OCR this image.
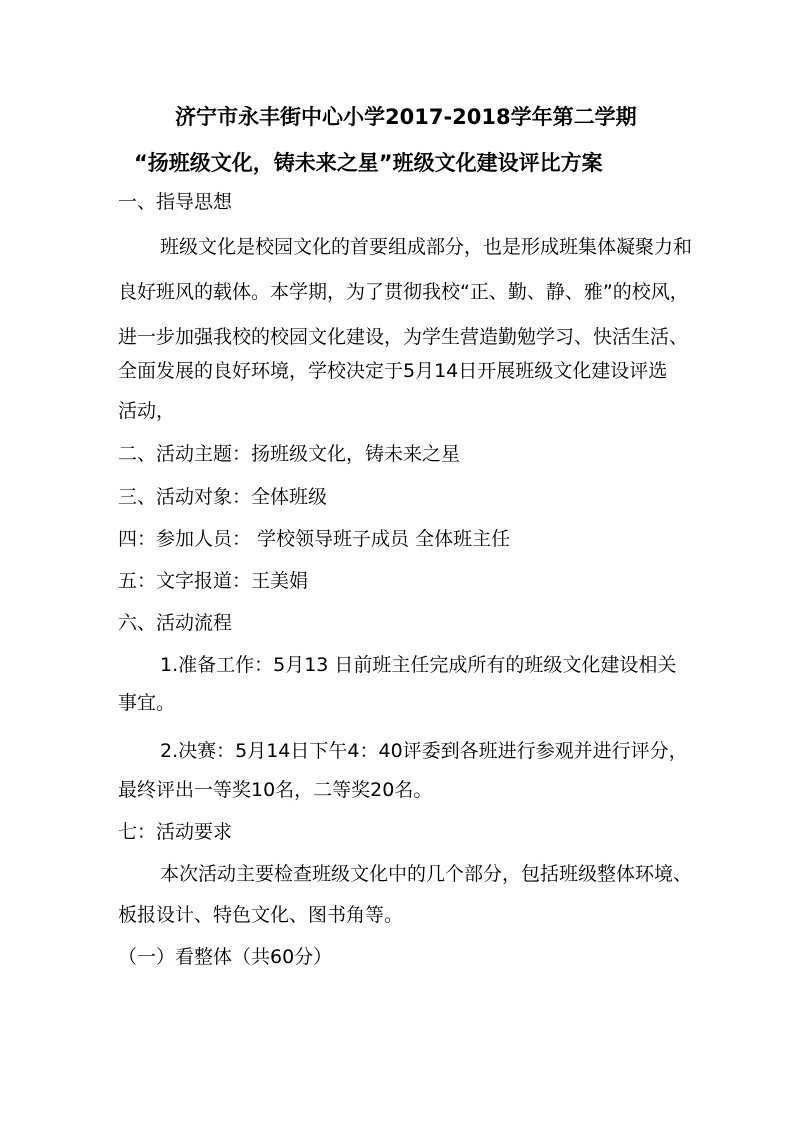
济宁市永丰街中心小学2017-2018学年第二学期
“扬班级文化，铸未来之星”班级文化建设评比方案
一、指导思想
班级文化是校园文化的首要组成部分，也是形成班集体凝聚力和
良好班风的载体。本学期，为了贯彻我校“正、勤、静、雅”的校风，
进一步加强我校的校园文化建设，为学生营造勤勉学习、快活生活、
全面发展的良好环境，学校决定于5月14日开展班级文化建设评选
活动，
二、活动主题：扬班级文化，铸未来之星
三、活动对象：全体班级
四：参加人员： 学校领导班子成员 全体班主任
五：文字报道：王美娟
六、活动流程
1.准备工作：5月13 日前班主任完成所有的班级文化建设相关
事宜。
2.决赛：5月14日下午4：40评委到各班进行参观并进行评分，
最终评出一等奖10名，二等奖20名。
七：活动要求
本次活动主要检查班级文化中的几个部分，包括班级整体环境、
板报设计、特色文化、图书角等。
（一）看整体（共60分）
